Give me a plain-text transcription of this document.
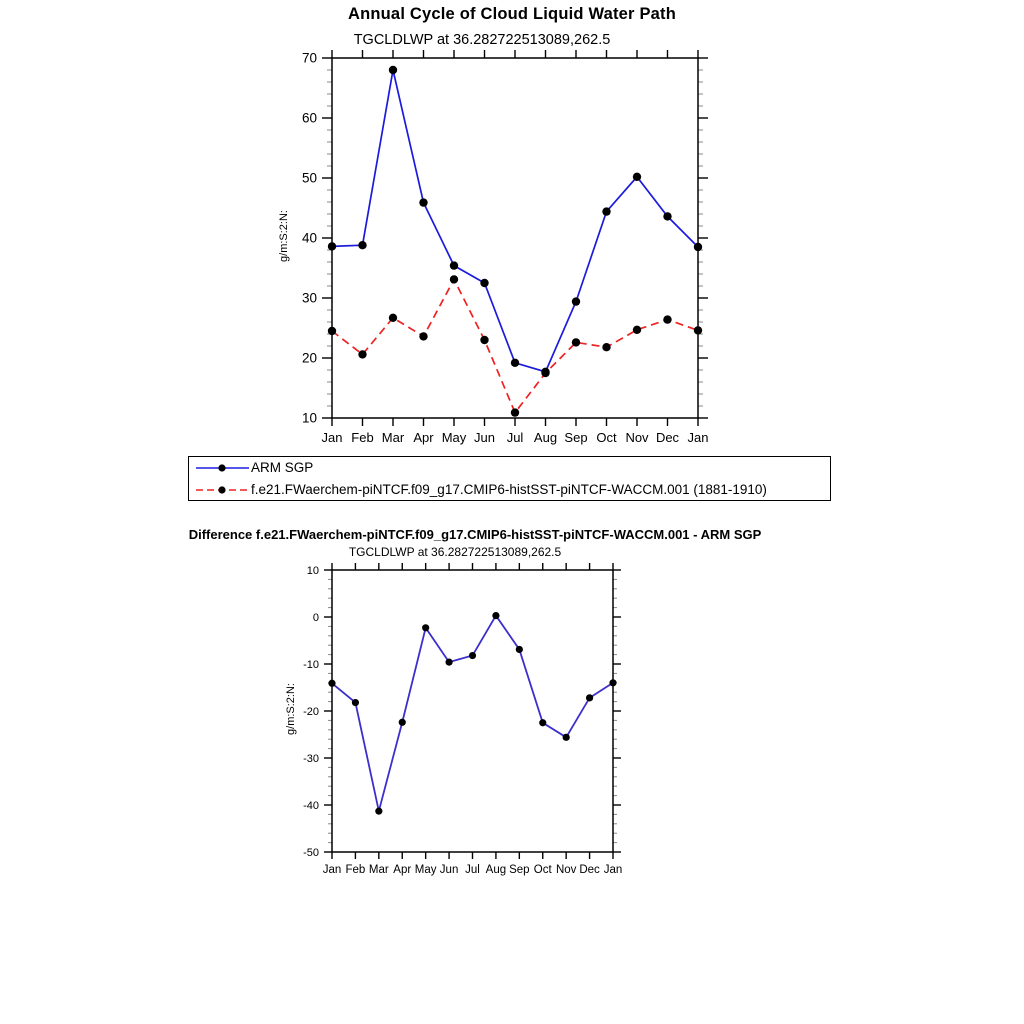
Annual Cycle of Cloud Liquid Water Path
TGCLDLWP at 36.282722513089,262.5
g/m:S:2:N:
10
20
30
40
50
60
70
Jan Feb Mar Apr May Jun Jul Aug Sep Oct Nov Dec Jan
ARM SGP
f.e21.FWaerchem-piNTCF.f09_g17.CMIP6-histSST-piNTCF-WACCM.001 (1881-1910)
Difference f.e21.FWaerchem-piNTCF.f09_g17.CMIP6-histSST-piNTCF-WACCM.001 - ARM SGP
TGCLDLWP at 36.282722513089,262.5
g/m:S:2:N:
-50
-40
-30
-20
-10
0
10
Jan Feb Mar Apr May Jun Jul Aug Sep Oct Nov Dec Jan
